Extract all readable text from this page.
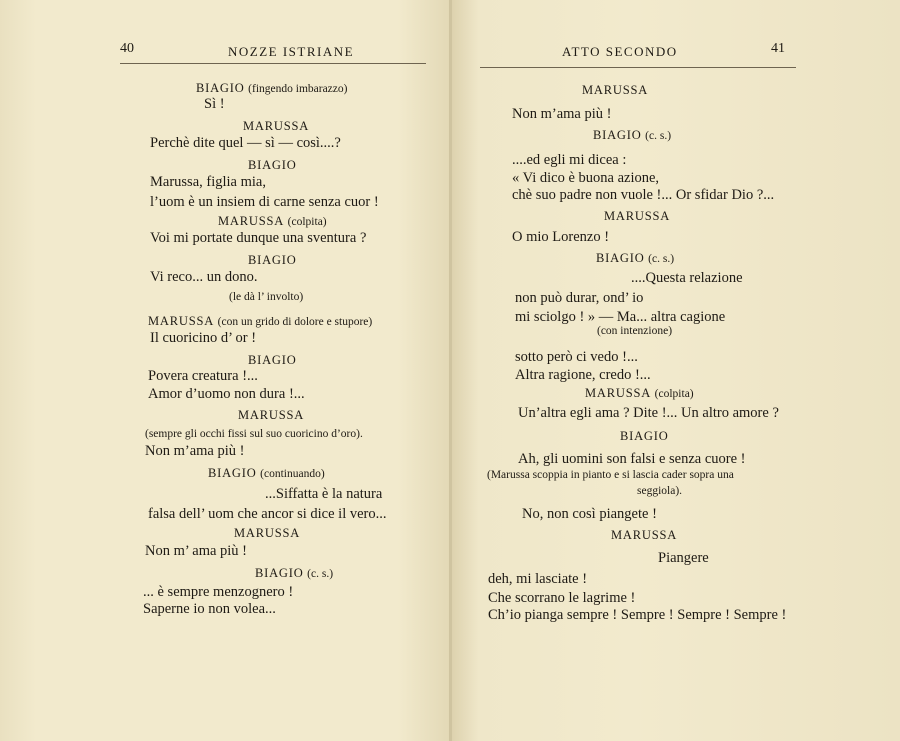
40	NOZZE ISTRIANE
BIAGIO (fingendo imbarazzo)
Sì !
MARUSSA
Perchè dite quel — sì — così....?
BIAGIO
Marussa, figlia mia,
l’uom è un insiem di carne senza cuor !
MARUSSA (colpita)
Voi mi portate dunque una sventura ?
BIAGIO
Vi reco... un dono.
(le dà l’ involto)
MARUSSA (con un grido di dolore e stupore)
Il cuoricino d’ or !
BIAGIO
Povera creatura !...
Amor d’uomo non dura !...
MARUSSA
(sempre gli occhi fissi sul suo cuoricino d’oro).
Non m’ama più !
BIAGIO (continuando)
...Siffatta è la natura
falsa dell’ uom che ancor si dice il vero...
MARUSSA
Non m’ ama più !
BIAGIO (c. s.)
... è sempre menzognero !
Saperne io non volea...
ATTO SECONDO	41
MARUSSA
Non m’ama più !
BIAGIO (c. s.)
....ed egli mi dicea :
« Vi dico è buona azione,
chè suo padre non vuole !... Or sfidar Dio ?...
MARUSSA
O mio Lorenzo !
BIAGIO (c. s.)
....Questa relazione
non può durar, ond’ io
mi sciolgo ! » — Ma... altra cagione
(con intenzione)
sotto però ci vedo !...
Altra ragione, credo !...
MARUSSA (colpita)
Un’altra egli ama ? Dite !... Un altro amore ?
BIAGIO
Ah, gli uomini son falsi e senza cuore !
(Marussa scoppia in pianto e si lascia cader sopra una
seggiola).
No, non così piangete !
MARUSSA
Piangere
deh, mi lasciate !
Che scorrano le lagrime !
Ch’io pianga sempre ! Sempre ! Sempre ! Sempre !
